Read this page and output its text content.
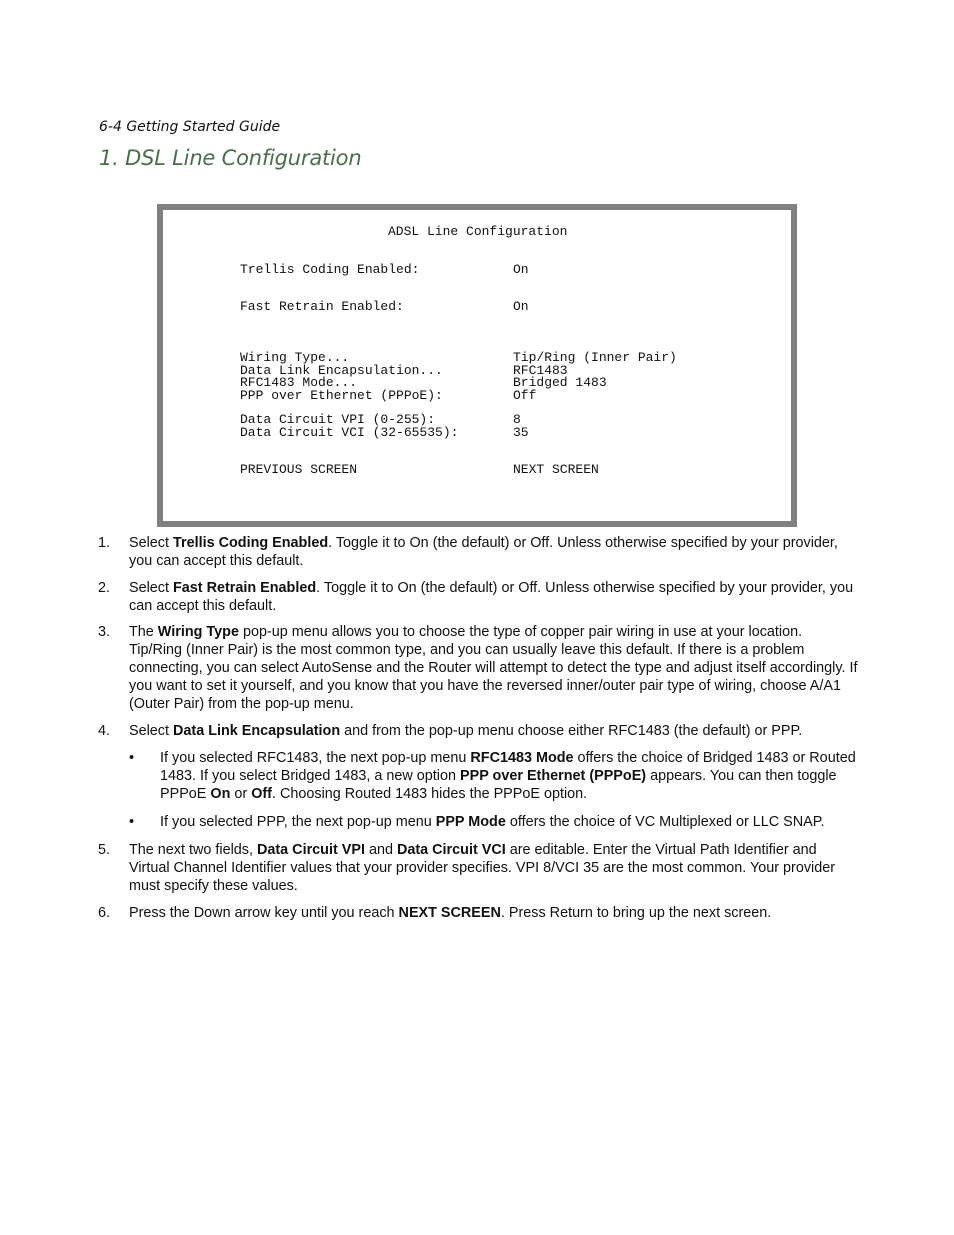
6-4 Getting Started Guide
1. DSL Line Configuration
ADSL Line Configuration
Trellis Coding Enabled:	On
Fast Retrain Enabled:	On
Wiring Type...	Tip/Ring (Inner Pair)
Data Link Encapsulation...	RFC1483
RFC1483 Mode...	Bridged 1483
PPP over Ethernet (PPPoE):	Off
Data Circuit VPI (0-255):	8
Data Circuit VCI (32-65535):	35
PREVIOUS SCREEN	NEXT SCREEN
1. Select Trellis Coding Enabled. Toggle it to On (the default) or Off. Unless otherwise specified by your provider, you can accept this default.
2. Select Fast Retrain Enabled. Toggle it to On (the default) or Off. Unless otherwise specified by your provider, you can accept this default.
3. The Wiring Type pop-up menu allows you to choose the type of copper pair wiring in use at your location. Tip/Ring (Inner Pair) is the most common type, and you can usually leave this default. If there is a problem connecting, you can select AutoSense and the Router will attempt to detect the type and adjust itself accordingly. If you want to set it yourself, and you know that you have the reversed inner/outer pair type of wiring, choose A/A1 (Outer Pair) from the pop-up menu.
4. Select Data Link Encapsulation and from the pop-up menu choose either RFC1483 (the default) or PPP.
• If you selected RFC1483, the next pop-up menu RFC1483 Mode offers the choice of Bridged 1483 or Routed 1483. If you select Bridged 1483, a new option PPP over Ethernet (PPPoE) appears. You can then toggle PPPoE On or Off. Choosing Routed 1483 hides the PPPoE option.
• If you selected PPP, the next pop-up menu PPP Mode offers the choice of VC Multiplexed or LLC SNAP.
5. The next two fields, Data Circuit VPI and Data Circuit VCI are editable. Enter the Virtual Path Identifier and Virtual Channel Identifier values that your provider specifies. VPI 8/VCI 35 are the most common. Your provider must specify these values.
6. Press the Down arrow key until you reach NEXT SCREEN. Press Return to bring up the next screen.
